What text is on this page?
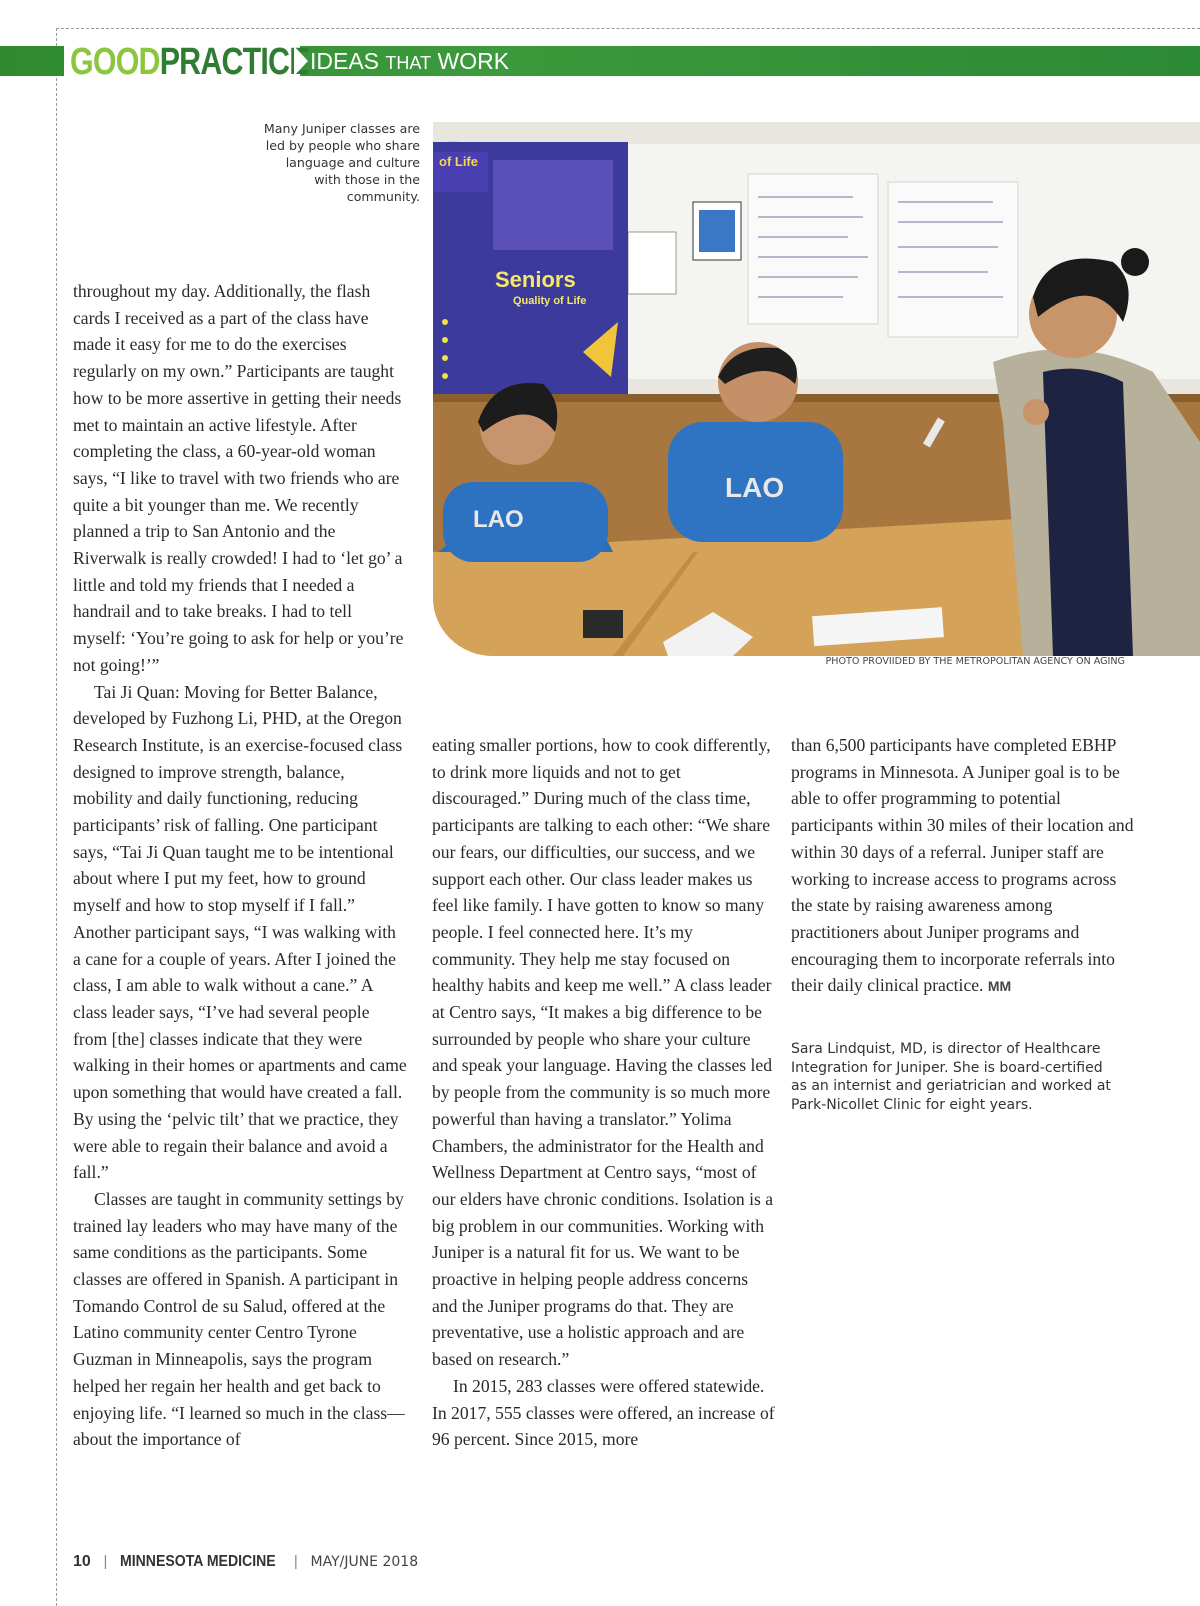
GOODPRACTICE IDEAS THAT WORK
Many Juniper classes are led by people who share language and culture with those in the community.
of Life
Seniors
Quality of Life
Lao Seniors Quality of Life
LAO
LAO
PHOTO PROVIIDED BY THE METROPOLITAN AGENCY ON AGING

throughout my day. Additionally, the flash cards I received as a part of the class have made it easy for me to do the exercises regularly on my own.” Participants are taught how to be more assertive in getting their needs met to maintain an active lifestyle. After completing the class, a 60-year-old woman says, “I like to travel with two friends who are quite a bit younger than me. We recently planned a trip to San Antonio and the Riverwalk is really crowded! I had to ‘let go’ a little and told my friends that I needed a handrail and to take breaks. I had to tell myself: ‘You’re going to ask for help or you’re not going!’”

Tai Ji Quan: Moving for Better Balance, developed by Fuzhong Li, PHD, at the Oregon Research Institute, is an exercise-focused class designed to improve strength, balance, mobility and daily functioning, reducing participants’ risk of falling. One participant says, “Tai Ji Quan taught me to be intentional about where I put my feet, how to ground myself and how to stop myself if I fall.” Another participant says, “I was walking with a cane for a couple of years. After I joined the class, I am able to walk without a cane.” A class leader says, “I’ve had several people from [the] classes indicate that they were walking in their homes or apartments and came upon something that would have created a fall. By using the ‘pelvic tilt’ that we practice, they were able to regain their balance and avoid a fall.”

Classes are taught in community settings by trained lay leaders who may have many of the same conditions as the participants. Some classes are offered in Spanish. A participant in Tomando Control de su Salud, offered at the Latino community center Centro Tyrone Guzman in Minneapolis, says the program helped her regain her health and get back to enjoying life. “I learned so much in the class—about the importance of

eating smaller portions, how to cook differently, to drink more liquids and not to get discouraged.” During much of the class time, participants are talking to each other: “We share our fears, our difficulties, our success, and we support each other. Our class leader makes us feel like family. I have gotten to know so many people. I feel connected here. It’s my community. They help me stay focused on healthy habits and keep me well.” A class leader at Centro says, “It makes a big difference to be surrounded by people who share your culture and speak your language. Having the classes led by people from the community is so much more powerful than having a translator.” Yolima Chambers, the administrator for the Health and Wellness Department at Centro says, “most of our elders have chronic conditions. Isolation is a big problem in our communities. Working with Juniper is a natural fit for us. We want to be proactive in helping people address concerns and the Juniper programs do that. They are preventative, use a holistic approach and are based on research.”

In 2015, 283 classes were offered statewide. In 2017, 555 classes were offered, an increase of 96 percent. Since 2015, more

than 6,500 participants have completed EBHP programs in Minnesota. A Juniper goal is to be able to offer programming to potential participants within 30 miles of their location and within 30 days of a referral. Juniper staff are working to increase access to programs across the state by raising awareness among practitioners about Juniper programs and encouraging them to incorporate referrals into their daily clinical practice. MM

Sara Lindquist, MD, is director of Healthcare Integration for Juniper. She is board-certified as an internist and geriatrician and worked at Park-Nicollet Clinic for eight years.
10 | MINNESOTA MEDICINE | MAY/JUNE 2018
